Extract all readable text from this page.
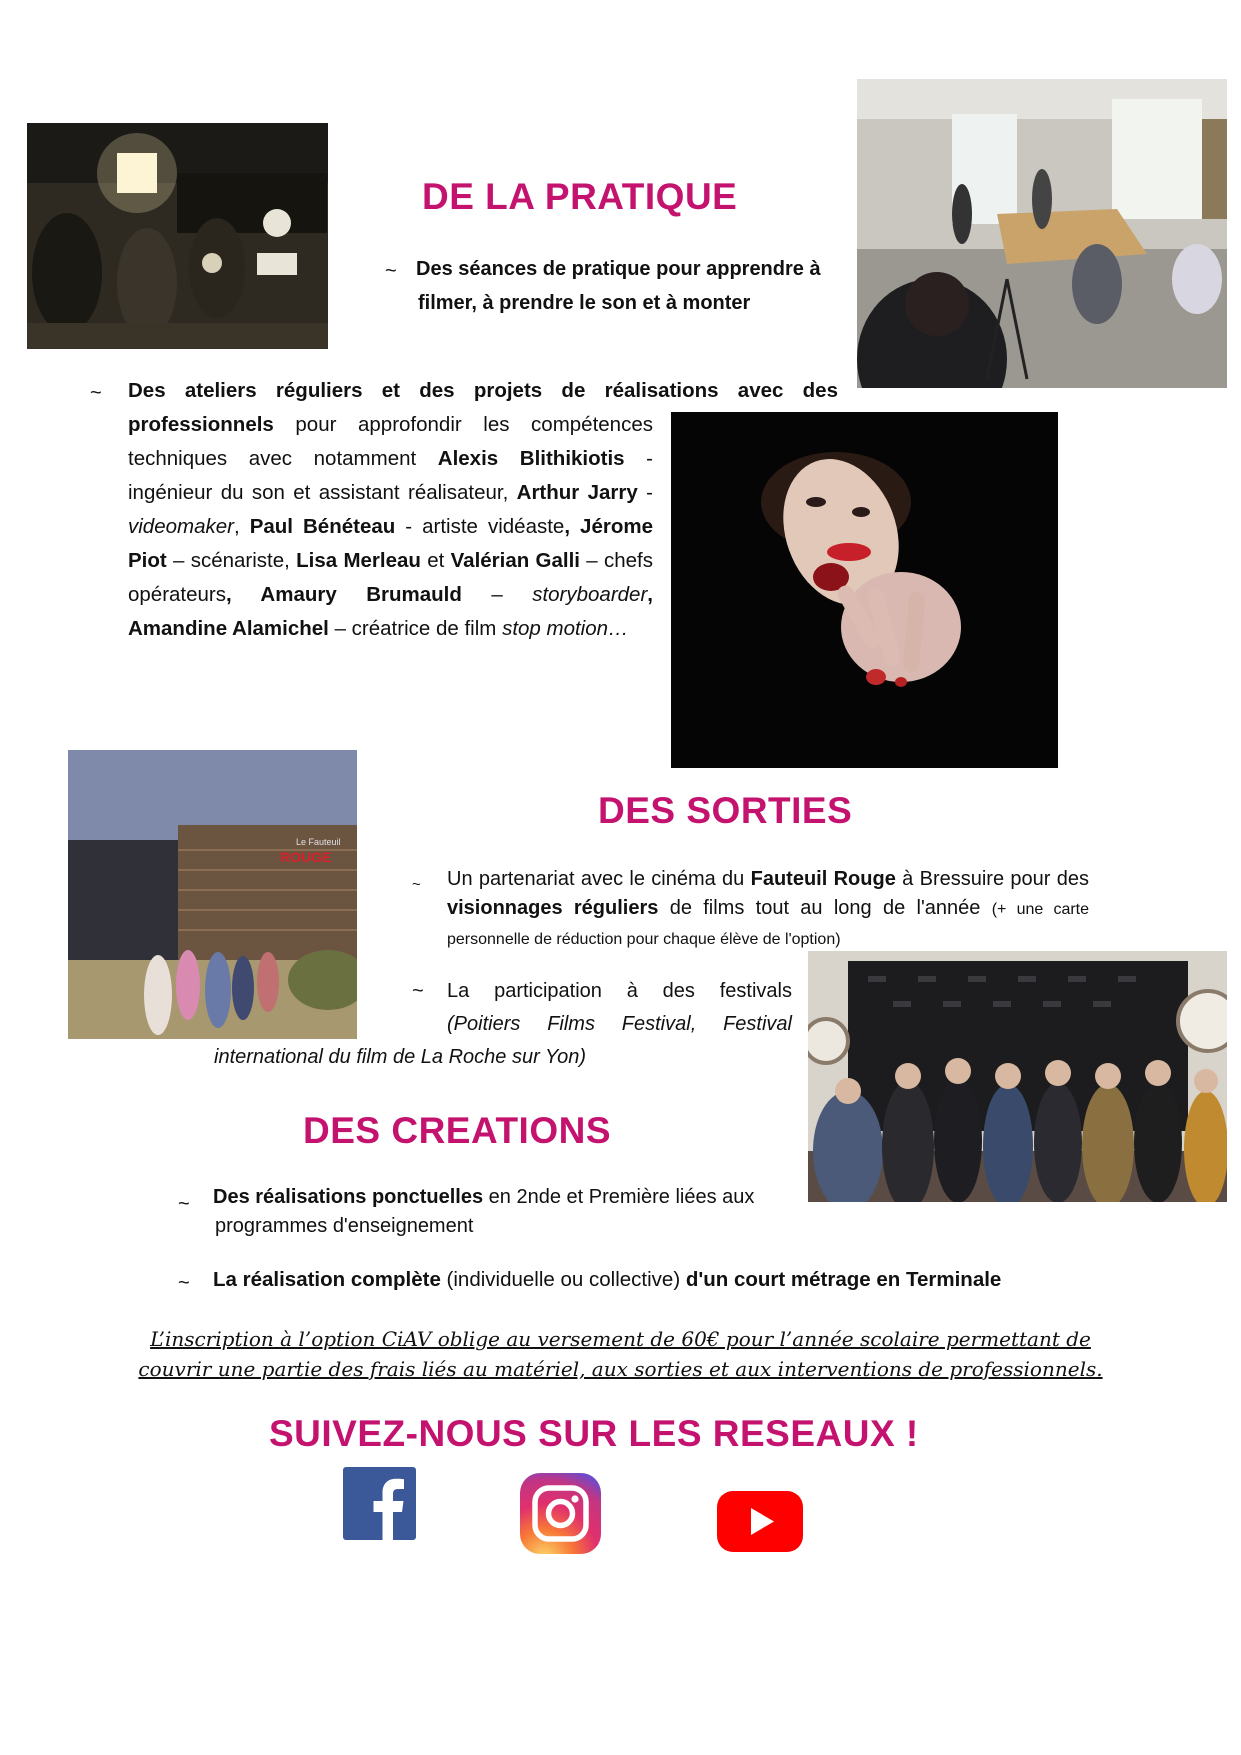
DE LA PRATIQUE
~ Des séances de pratique pour apprendre à
filmer, à prendre le son et à monter
~ Des ateliers réguliers et des projets de réalisations avec des
professionnels pour approfondir les compétences techniques avec notamment Alexis Blithikiotis - ingénieur du son et assistant réalisateur, Arthur Jarry - videomaker, Paul Bénéteau - artiste vidéaste, Jérome Piot – scénariste, Lisa Merleau et Valérian Galli – chefs opérateurs, Amaury Brumauld – storyboarder, Amandine Alamichel – créatrice de film stop motion…
Le Fauteuil
ROUGE
DES SORTIES
~ Un partenariat avec le cinéma du Fauteuil Rouge à Bressuire pour des visionnages réguliers de films tout au long de l'année (+ une carte personnelle de réduction pour chaque élève de l'option)
~ La participation à des festivals
(Poitiers Films Festival, Festival
international du film de La Roche sur Yon)
DES CREATIONS
~ Des réalisations ponctuelles en 2nde et Première liées aux
programmes d'enseignement
~ La réalisation complète (individuelle ou collective) d'un court métrage en Terminale
L’inscription à l’option CiAV oblige au versement de 60€ pour l’année scolaire permettant de
couvrir une partie des frais liés au matériel, aux sorties et aux interventions de professionnels.
SUIVEZ-NOUS SUR LES RESEAUX !
